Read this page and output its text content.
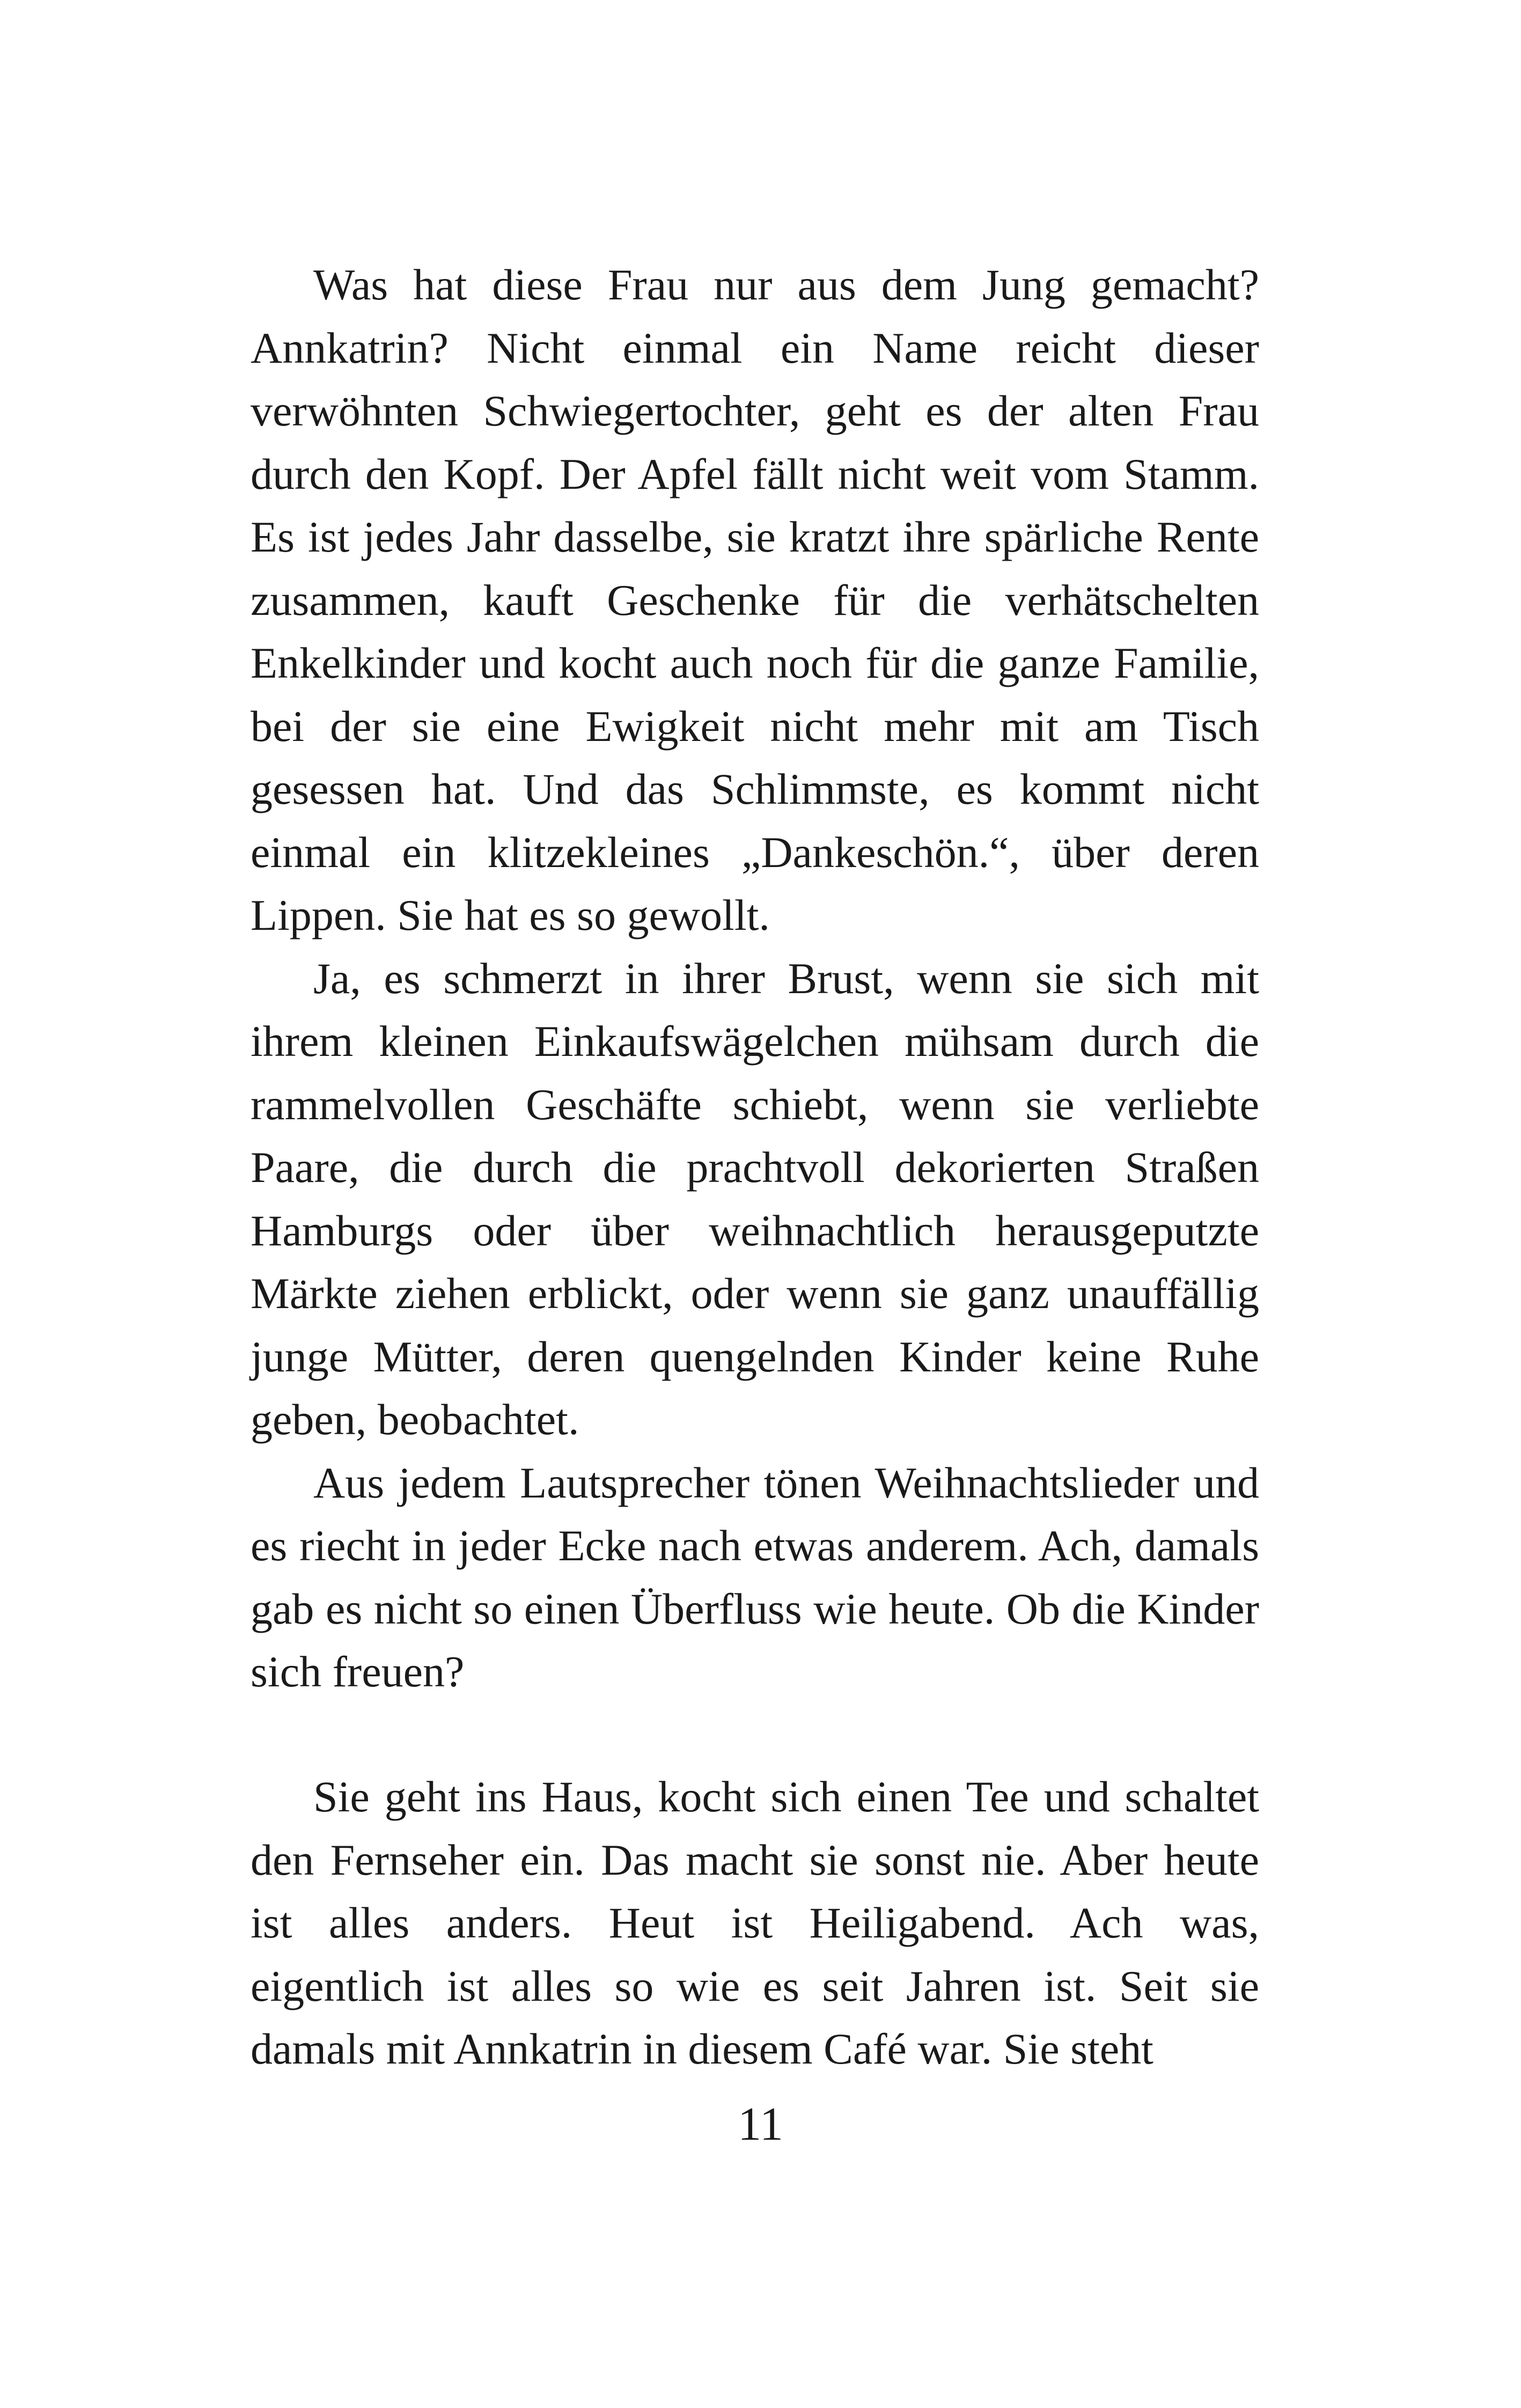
Was hat diese Frau nur aus dem Jung gemacht? Annkatrin? Nicht einmal ein Name reicht dieser verwöhnten Schwiegertochter, geht es der alten Frau durch den Kopf. Der Apfel fällt nicht weit vom Stamm. Es ist jedes Jahr dasselbe, sie kratzt ihre spärliche Rente zusammen, kauft Geschenke für die verhätschelten Enkelkinder und kocht auch noch für die ganze Familie, bei der sie eine Ewigkeit nicht mehr mit am Tisch gesessen hat. Und das Schlimmste, es kommt nicht einmal ein klitzekleines „Dankeschön.“, über deren Lippen. Sie hat es so gewollt.

Ja, es schmerzt in ihrer Brust, wenn sie sich mit ihrem kleinen Einkaufswägelchen mühsam durch die rammelvollen Geschäfte schiebt, wenn sie verliebte Paare, die durch die prachtvoll dekorierten Straßen Hamburgs oder über weihnachtlich herausgeputzte Märkte ziehen erblickt, oder wenn sie ganz unauffällig junge Mütter, deren quengelnden Kinder keine Ruhe geben, beobachtet.

Aus jedem Lautsprecher tönen Weihnachtslieder und es riecht in jeder Ecke nach etwas anderem. Ach, damals gab es nicht so einen Überfluss wie heute. Ob die Kinder sich freuen?

Sie geht ins Haus, kocht sich einen Tee und schaltet den Fernseher ein. Das macht sie sonst nie. Aber heute ist alles anders. Heut ist Heiligabend. Ach was, eigentlich ist alles so wie es seit Jahren ist. Seit sie damals mit Annkatrin in diesem Café war. Sie steht

11
